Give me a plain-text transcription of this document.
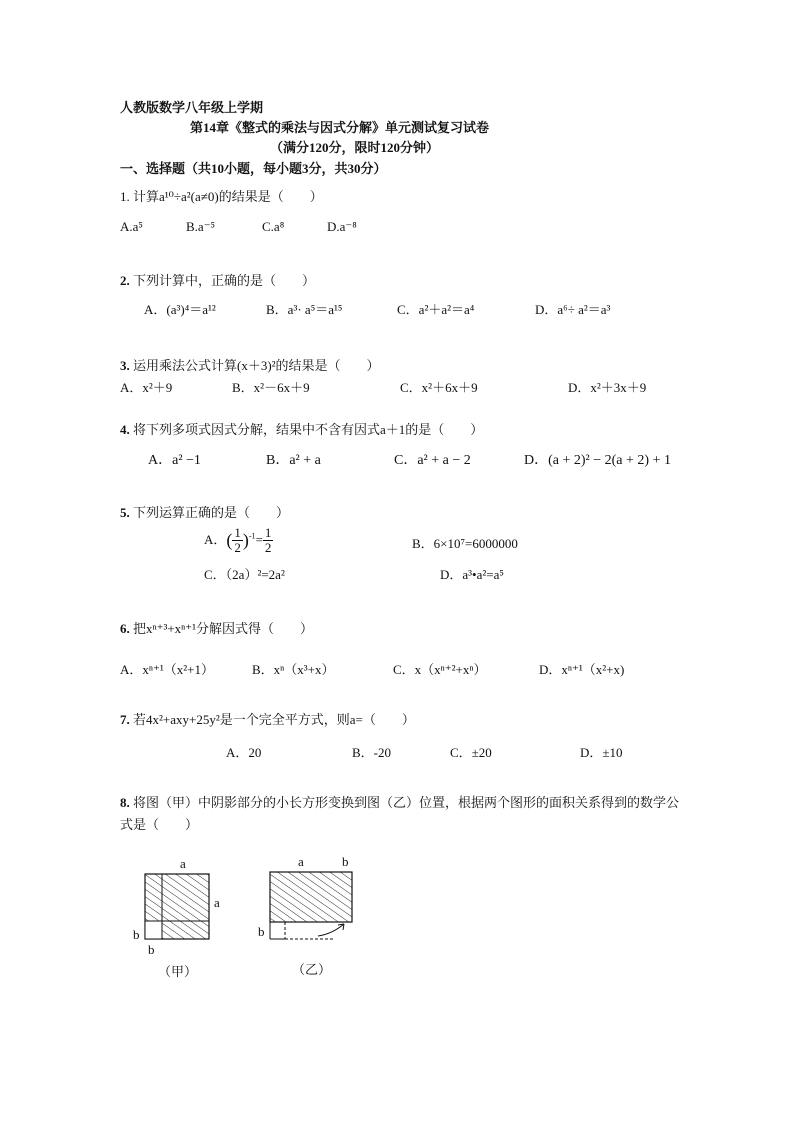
人教版数学八年级上学期
第14章《整式的乘法与因式分解》单元测试复习试卷
（满分120分，限时120分钟）
一、选择题（共10小题，每小题3分，共30分）
1. 计算a¹⁰÷a²(a≠0)的结果是（　　）
A.a⁵	B.a⁻⁵	C.a⁸	D.a⁻⁸
2. 下列计算中，正确的是（　　）
A．(a³)⁴＝a¹²	B．a³· a⁵＝a¹⁵	C．a²＋a²＝a⁴	D．a⁶÷ a²＝a³
3. 运用乘法公式计算(x＋3)²的结果是（　　）
A．x²＋9	B．x²－6x＋9	C．x²＋6x＋9	D．x²＋3x＋9
4. 将下列多项式因式分解，结果中不含有因式a＋1的是（　　）
A．a² −1	B．a² + a	C．a² + a − 2	D．(a + 2)² − 2(a + 2) + 1
5. 下列运算正确的是（　　）
A．( $\frac{1}{2} )^{-1}= \frac{1}{2}$	B．6×10⁷=6000000
C．（2a）²=2a²	D．a³•a²=a⁵
6. 把xⁿ⁺³+xⁿ⁺¹分解因式得（　　）
A．xⁿ⁺¹（x²+1）	B．xⁿ（x³+x）	C．x（xⁿ⁺²+xⁿ）	D．xⁿ⁺¹（x²+x)
7. 若4x²+axy+25y²是一个完全平方式，则a=（　　）
A．20	B．-20	C．±20	D．±10
8. 将图（甲）中阴影部分的小长方形变换到图（乙）位置，根据两个图形的面积关系得到的数学公
式是（　　）
a
a
b
b
（甲）
a	b
b
（乙）
